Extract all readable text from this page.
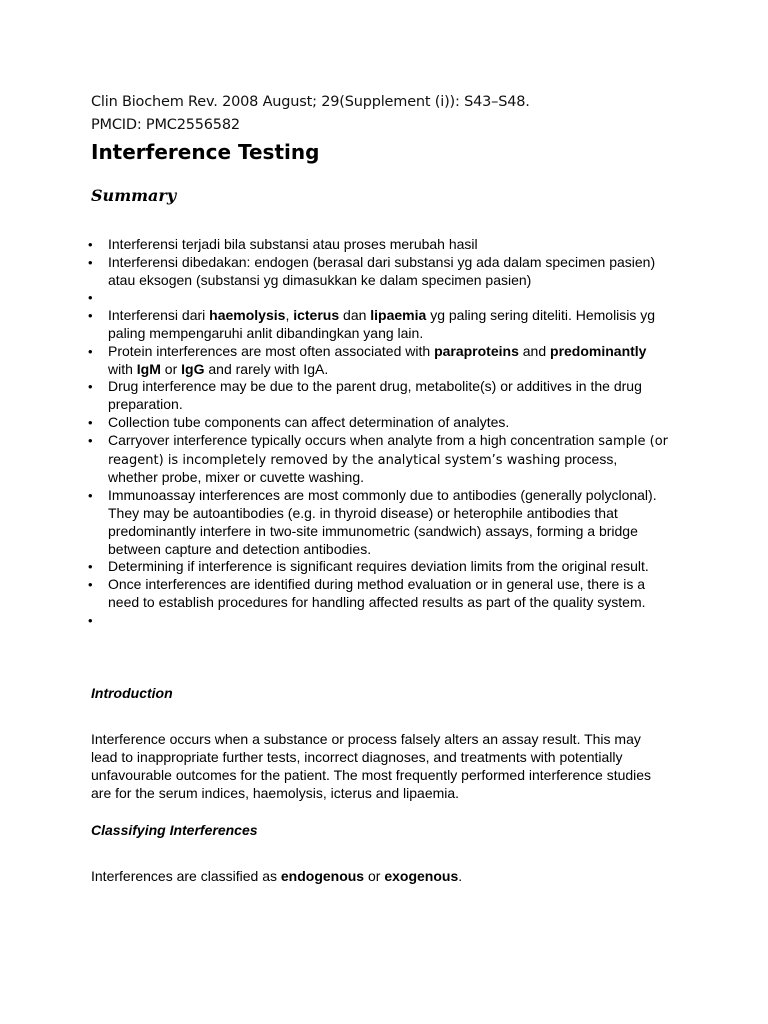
Clin Biochem Rev. 2008 August; 29(Supplement (i)): S43–S48.
PMCID: PMC2556582
Interference Testing
Summary
• Interferensi terjadi bila substansi atau proses merubah hasil
• Interferensi dibedakan: endogen (berasal dari substansi yg ada dalam specimen pasien) atau eksogen (substansi yg dimasukkan ke dalam specimen pasien)
•
• Interferensi dari haemolysis, icterus dan lipaemia yg paling sering diteliti. Hemolisis yg paling mempengaruhi anlit dibandingkan yang lain.
• Protein interferences are most often associated with paraproteins and predominantly with IgM or IgG and rarely with IgA.
• Drug interference may be due to the parent drug, metabolite(s) or additives in the drug preparation.
• Collection tube components can affect determination of analytes.
• Carryover interference typically occurs when analyte from a high concentration sample (or reagent) is incompletely removed by the analytical system’s washing process, whether probe, mixer or cuvette washing.
• Immunoassay interferences are most commonly due to antibodies (generally polyclonal). They may be autoantibodies (e.g. in thyroid disease) or heterophile antibodies that predominantly interfere in two-site immunometric (sandwich) assays, forming a bridge between capture and detection antibodies.
• Determining if interference is significant requires deviation limits from the original result.
• Once interferences are identified during method evaluation or in general use, there is a need to establish procedures for handling affected results as part of the quality system.
•
Introduction

Interference occurs when a substance or process falsely alters an assay result. This may lead to inappropriate further tests, incorrect diagnoses, and treatments with potentially unfavourable outcomes for the patient. The most frequently performed interference studies are for the serum indices, haemolysis, icterus and lipaemia.

Classifying Interferences

Interferences are classified as endogenous or exogenous.
